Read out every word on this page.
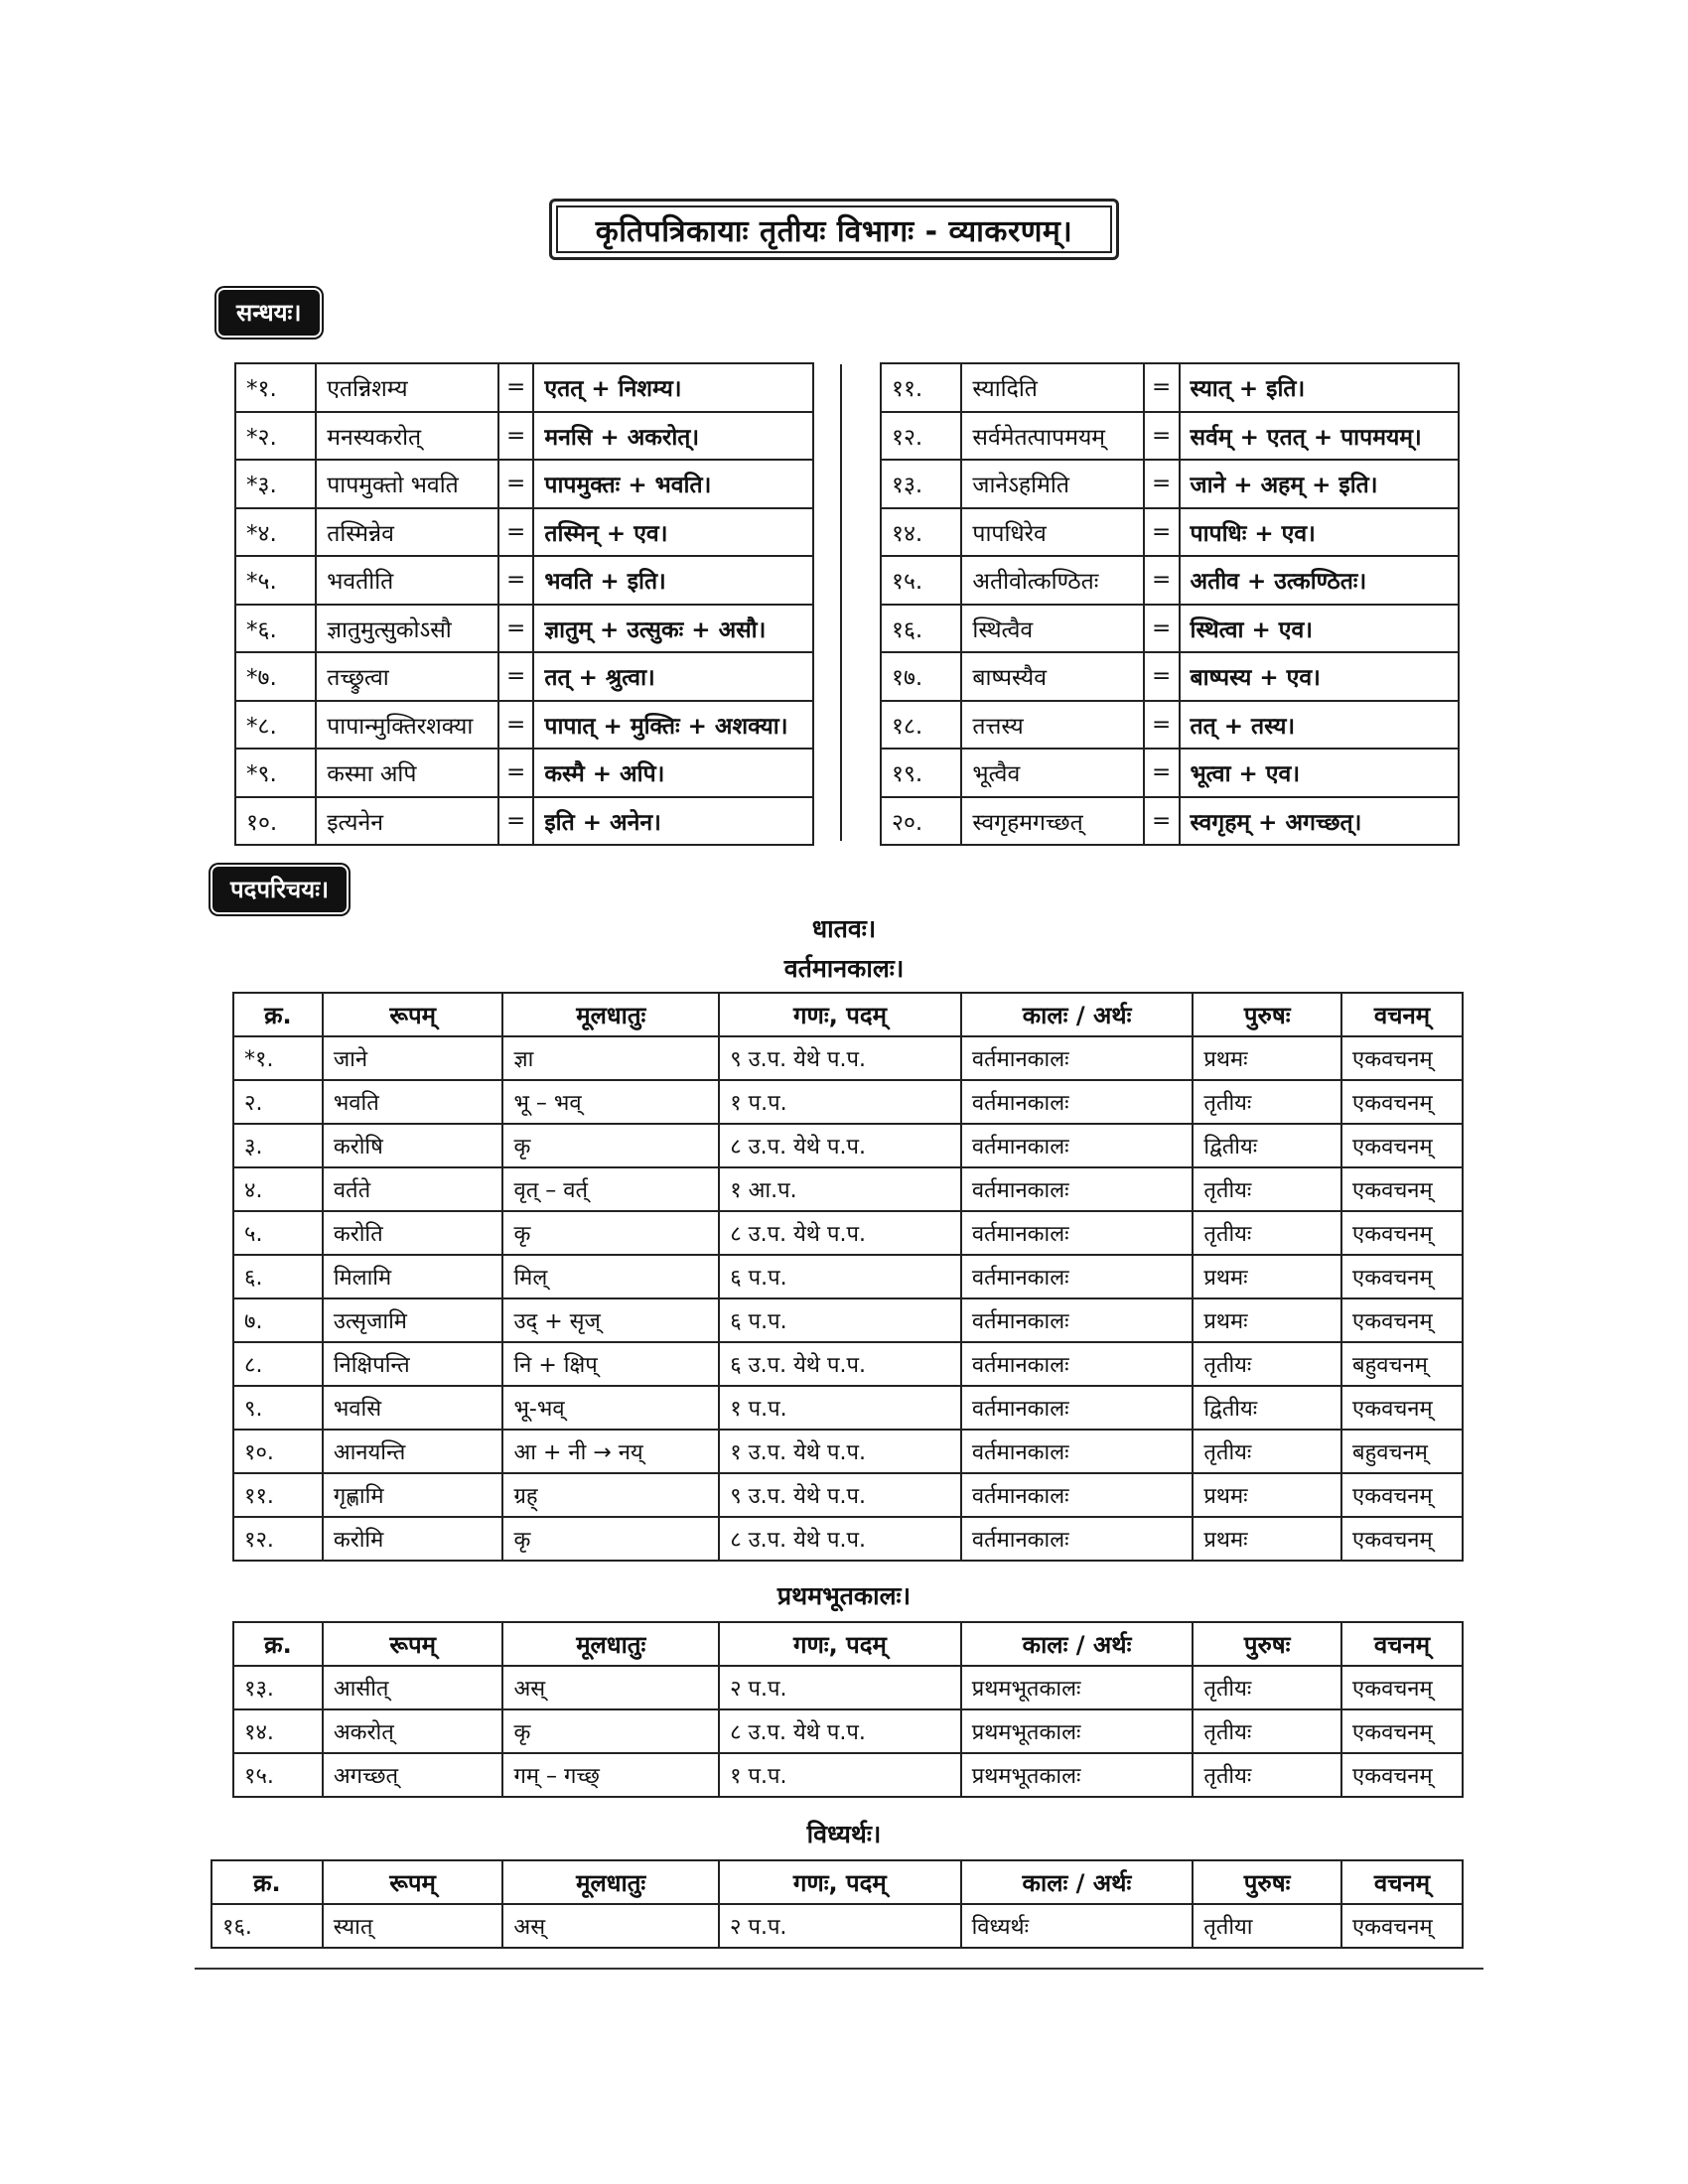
कृतिपत्रिकायाः तृतीयः विभागः - व्याकरणम्।
सन्धयः।
*१.	एतन्निशम्य	=	एतत् + निशम्य।
*२.	मनस्यकरोत्	=	मनसि + अकरोत्।
*३.	पापमुक्तो भवति	=	पापमुक्तः + भवति।
*४.	तस्मिन्नेव	=	तस्मिन् + एव।
*५.	भवतीति	=	भवति + इति।
*६.	ज्ञातुमुत्सुकोऽसौ	=	ज्ञातुम् + उत्सुकः + असौ।
*७.	तच्छ्रुत्वा	=	तत् + श्रुत्वा।
*८.	पापान्मुक्तिरशक्या	=	पापात् + मुक्तिः + अशक्या।
*९.	कस्मा अपि	=	कस्मै + अपि।
१०.	इत्यनेन	=	इति + अनेन।
११.	स्यादिति	=	स्यात् + इति।
१२.	सर्वमेतत्पापमयम्	=	सर्वम् + एतत् + पापमयम्।
१३.	जानेऽहमिति	=	जाने + अहम् + इति।
१४.	पापधिरेव	=	पापधिः + एव।
१५.	अतीवोत्कण्ठितः	=	अतीव + उत्कण्ठितः।
१६.	स्थित्वैव	=	स्थित्वा + एव।
१७.	बाष्पस्यैव	=	बाष्पस्य + एव।
१८.	तत्तस्य	=	तत् + तस्य।
१९.	भूत्वैव	=	भूत्वा + एव।
२०.	स्वगृहमगच्छत्	=	स्वगृहम् + अगच्छत्।
पदपरिचयः।
धातवः।
वर्तमानकालः।
क्र.	रूपम्	मूलधातुः	गणः, पदम्	कालः / अर्थः	पुरुषः	वचनम्
*१.	जाने	ज्ञा	९ उ.प. येथे प.प.	वर्तमानकालः	प्रथमः	एकवचनम्
२.	भवति	भू – भव्	१ प.प.	वर्तमानकालः	तृतीयः	एकवचनम्
३.	करोषि	कृ	८ उ.प. येथे प.प.	वर्तमानकालः	द्वितीयः	एकवचनम्
४.	वर्तते	वृत् – वर्त्	१ आ.प.	वर्तमानकालः	तृतीयः	एकवचनम्
५.	करोति	कृ	८ उ.प. येथे प.प.	वर्तमानकालः	तृतीयः	एकवचनम्
६.	मिलामि	मिल्	६ प.प.	वर्तमानकालः	प्रथमः	एकवचनम्
७.	उत्सृजामि	उद् + सृज्	६ प.प.	वर्तमानकालः	प्रथमः	एकवचनम्
८.	निक्षिपन्ति	नि + क्षिप्	६ उ.प. येथे प.प.	वर्तमानकालः	तृतीयः	बहुवचनम्
९.	भवसि	भू-भव्	१ प.प.	वर्तमानकालः	द्वितीयः	एकवचनम्
१०.	आनयन्ति	आ + नी → नय्	१ उ.प. येथे प.प.	वर्तमानकालः	तृतीयः	बहुवचनम्
११.	गृह्णामि	ग्रह्	९ उ.प. येथे प.प.	वर्तमानकालः	प्रथमः	एकवचनम्
१२.	करोमि	कृ	८ उ.प. येथे प.प.	वर्तमानकालः	प्रथमः	एकवचनम्
प्रथमभूतकालः।
क्र.	रूपम्	मूलधातुः	गणः, पदम्	कालः / अर्थः	पुरुषः	वचनम्
१३.	आसीत्	अस्	२ प.प.	प्रथमभूतकालः	तृतीयः	एकवचनम्
१४.	अकरोत्	कृ	८ उ.प. येथे प.प.	प्रथमभूतकालः	तृतीयः	एकवचनम्
१५.	अगच्छत्	गम् – गच्छ्	१ प.प.	प्रथमभूतकालः	तृतीयः	एकवचनम्
विध्यर्थः।
क्र.	रूपम्	मूलधातुः	गणः, पदम्	कालः / अर्थः	पुरुषः	वचनम्
१६.	स्यात्	अस्	२ प.प.	विध्यर्थः	तृतीया	एकवचनम्
